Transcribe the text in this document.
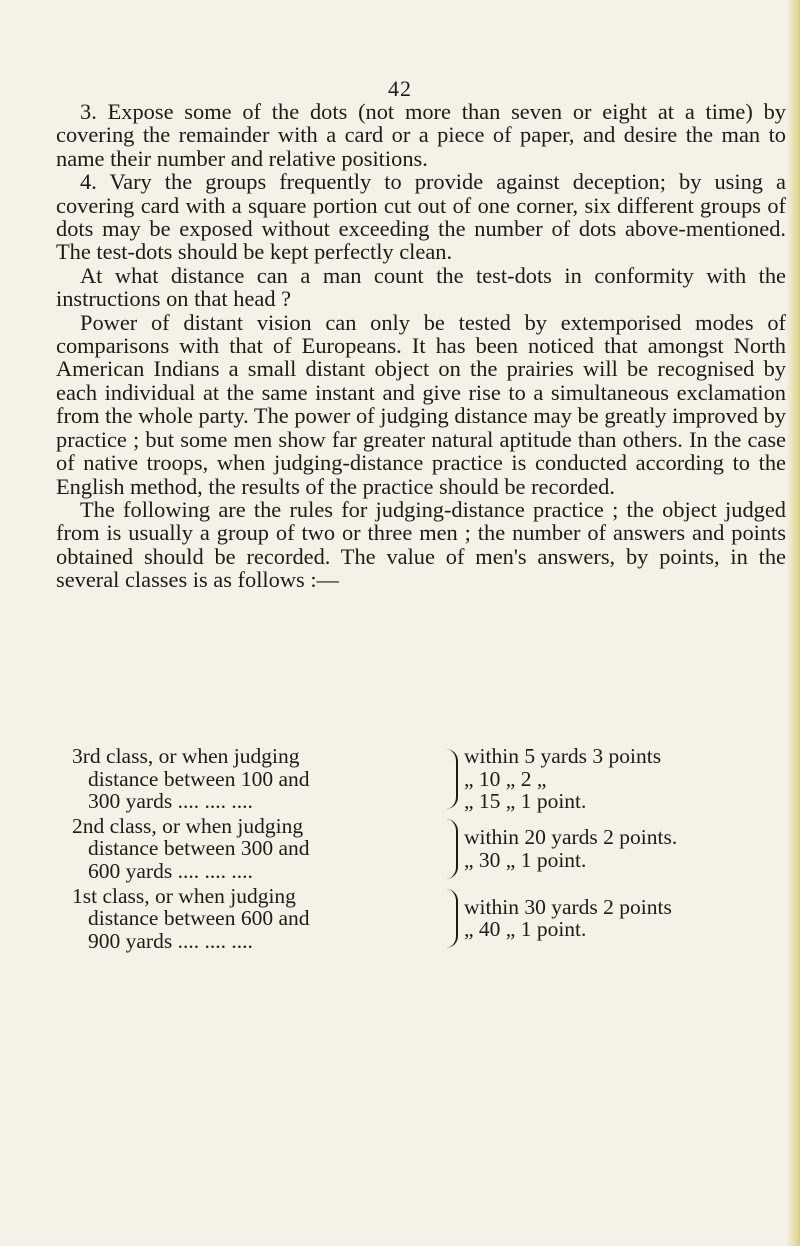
42

3. Expose some of the dots (not more than seven or eight at a time) by covering the remainder with a card or a piece of paper, and desire the man to name their number and relative positions.

4. Vary the groups frequently to provide against deception; by using a covering card with a square portion cut out of one corner, six different groups of dots may be exposed without exceeding the number of dots above-mentioned. The test-dots should be kept perfectly clean.

At what distance can a man count the test-dots in conformity with the instructions on that head ?

Power of distant vision can only be tested by extemporised modes of comparisons with that of Europeans. It has been noticed that amongst North American Indians a small distant object on the prairies will be recognised by each individual at the same instant and give rise to a simultaneous exclamation from the whole party. The power of judging distance may be greatly improved by practice ; but some men show far greater natural aptitude than others. In the case of native troops, when judging-distance practice is conducted according to the English method, the results of the practice should be recorded.

The following are the rules for judging-distance practice ; the object judged from is usually a group of two or three men ; the number of answers and points obtained should be recorded. The value of men's answers, by points, in the several classes is as follows :—

3rd class, or when judging
distance between 100 and
300 yards .... .... ....
within 5 yards 3 points
„ 10 „ 2 „
„ 15 „ 1 point.
2nd class, or when judging
distance between 300 and
600 yards .... .... ....
within 20 yards 2 points.
„ 30 „ 1 point.
1st class, or when judging
distance between 600 and
900 yards .... .... ....
within 30 yards 2 points
„ 40 „ 1 point.
